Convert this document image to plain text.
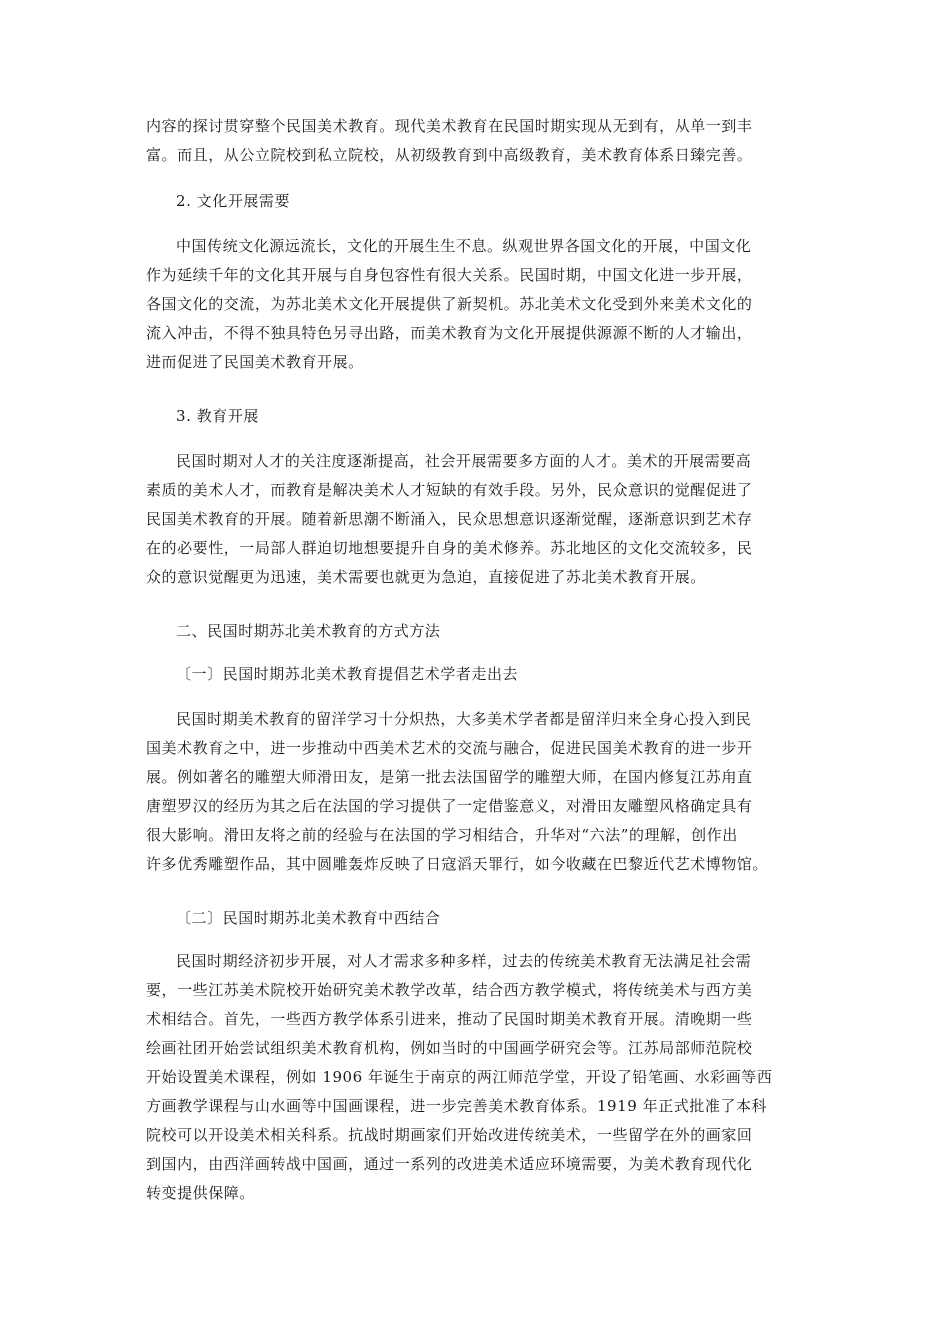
内容的探讨贯穿整个民国美术教育。现代美术教育在民国时期实现从无到有，从单一到丰
富。而且，从公立院校到私立院校，从初级教育到中高级教育，美术教育体系日臻完善。
2. 文化开展需要
中国传统文化源远流长，文化的开展生生不息。纵观世界各国文化的开展，中国文化
作为延续千年的文化其开展与自身包容性有很大关系。民国时期，中国文化进一步开展，
各国文化的交流，为苏北美术文化开展提供了新契机。苏北美术文化受到外来美术文化的
流入冲击，不得不独具特色另寻出路，而美术教育为文化开展提供源源不断的人才输出，
进而促进了民国美术教育开展。
3. 教育开展
民国时期对人才的关注度逐渐提高，社会开展需要多方面的人才。美术的开展需要高
素质的美术人才，而教育是解决美术人才短缺的有效手段。另外，民众意识的觉醒促进了
民国美术教育的开展。随着新思潮不断涌入，民众思想意识逐渐觉醒，逐渐意识到艺术存
在的必要性，一局部人群迫切地想要提升自身的美术修养。苏北地区的文化交流较多，民
众的意识觉醒更为迅速，美术需要也就更为急迫，直接促进了苏北美术教育开展。
二、民国时期苏北美术教育的方式方法
〔一〕民国时期苏北美术教育提倡艺术学者走出去
民国时期美术教育的留洋学习十分炽热，大多美术学者都是留洋归来全身心投入到民
国美术教育之中，进一步推动中西美术艺术的交流与融合，促进民国美术教育的进一步开
展。例如著名的雕塑大师滑田友，是第一批去法国留学的雕塑大师，在国内修复江苏甪直
唐塑罗汉的经历为其之后在法国的学习提供了一定借鉴意义，对滑田友雕塑风格确定具有
很大影响。滑田友将之前的经验与在法国的学习相结合，升华对“六法”的理解，创作出
许多优秀雕塑作品，其中圆雕轰炸反映了日寇滔天罪行，如今收藏在巴黎近代艺术博物馆。
〔二〕民国时期苏北美术教育中西结合
民国时期经济初步开展，对人才需求多种多样，过去的传统美术教育无法满足社会需
要，一些江苏美术院校开始研究美术教学改革，结合西方教学模式，将传统美术与西方美
术相结合。首先，一些西方教学体系引进来，推动了民国时期美术教育开展。清晚期一些
绘画社团开始尝试组织美术教育机构，例如当时的中国画学研究会等。江苏局部师范院校
开始设置美术课程，例如 1906 年诞生于南京的两江师范学堂，开设了铅笔画、水彩画等西
方画教学课程与山水画等中国画课程，进一步完善美术教育体系。1919 年正式批准了本科
院校可以开设美术相关科系。抗战时期画家们开始改进传统美术，一些留学在外的画家回
到国内，由西洋画转战中国画，通过一系列的改进美术适应环境需要，为美术教育现代化
转变提供保障。
